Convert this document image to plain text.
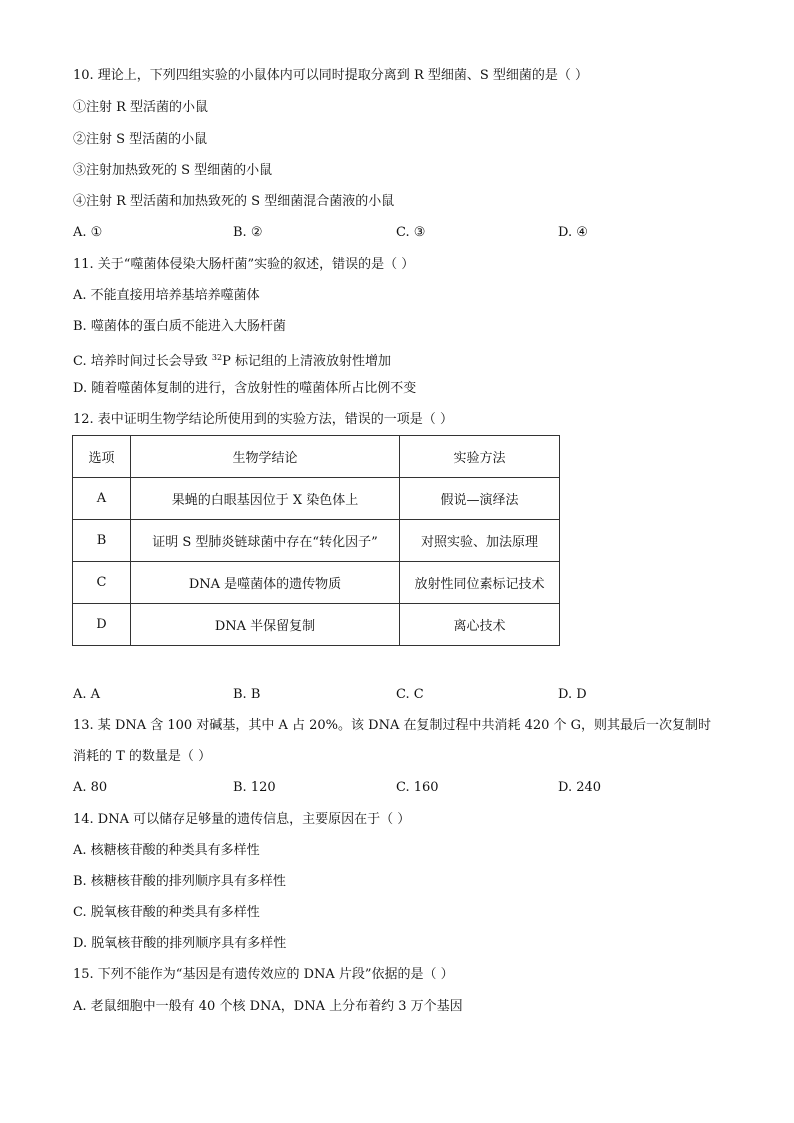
10. 理论上，下列四组实验的小鼠体内可以同时提取分离到 R 型细菌、S 型细菌的是（ ）
①注射 R 型活菌的小鼠
②注射 S 型活菌的小鼠
③注射加热致死的 S 型细菌的小鼠
④注射 R 型活菌和加热致死的 S 型细菌混合菌液的小鼠
A. ①	B. ②	C. ③	D. ④
11. 关于“噬菌体侵染大肠杆菌”实验的叙述，错误的是（ ）
A. 不能直接用培养基培养噬菌体
B. 噬菌体的蛋白质不能进入大肠杆菌
C. 培养时间过长会导致 $^{32}$P 标记组的上清液放射性增加
D. 随着噬菌体复制的进行，含放射性的噬菌体所占比例不变
12. 表中证明生物学结论所使用到的实验方法，错误的一项是（ ）
选项	生物学结论	实验方法
A	果蝇的白眼基因位于 X 染色体上	假说—演绎法
B	证明 S 型肺炎链球菌中存在“转化因子”	对照实验、加法原理
C	DNA 是噬菌体的遗传物质	放射性同位素标记技术
D	DNA 半保留复制	离心技术
A. A	B. B	C. C	D. D
13. 某 DNA 含 100 对碱基，其中 A 占 20%。该 DNA 在复制过程中共消耗 420 个 G，则其最后一次复制时
消耗的 T 的数量是（ ）
A. 80	B. 120	C. 160	D. 240
14. DNA 可以储存足够量的遗传信息，主要原因在于（ ）
A. 核糖核苷酸的种类具有多样性
B. 核糖核苷酸的排列顺序具有多样性
C. 脱氧核苷酸的种类具有多样性
D. 脱氧核苷酸的排列顺序具有多样性
15. 下列不能作为“基因是有遗传效应的 DNA 片段”依据的是（ ）
A. 老鼠细胞中一般有 40 个核 DNA，DNA 上分布着约 3 万个基因
